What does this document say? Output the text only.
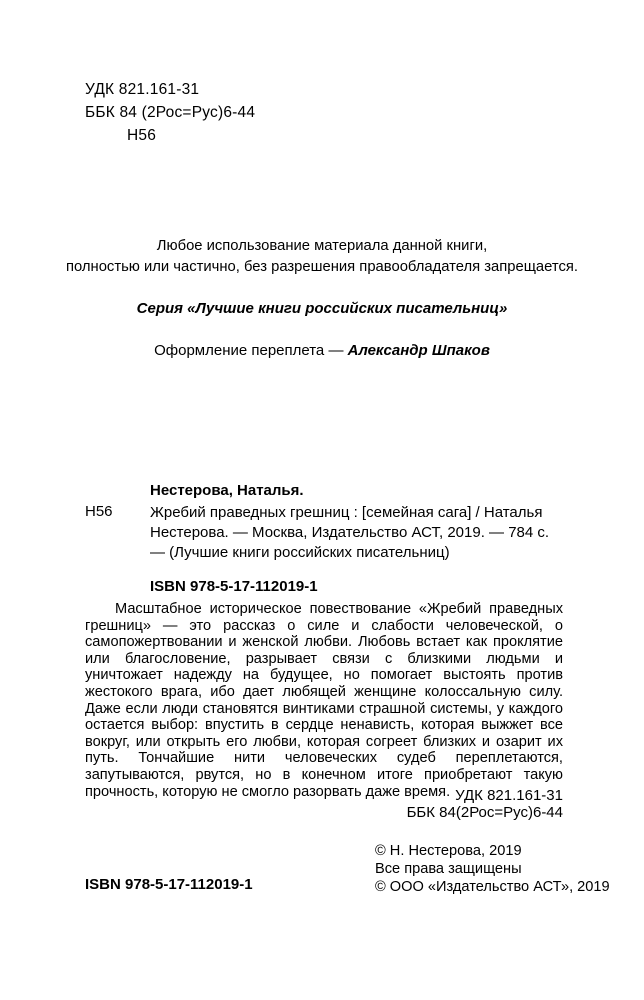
УДК 821.161-31
ББК 84 (2Рос=Рус)6-44
Н56
Любое использование материала данной книги,
полностью или частично, без разрешения правообладателя запрещается.
Серия «Лучшие книги российских писательниц»
Оформление переплета — Александр Шпаков
Нестерова, Наталья.
Н56	Жребий праведных грешниц : [семейная сага] / Наталья Нестерова. — Москва, Издательство АСТ, 2019. — 784 с. — (Лучшие книги российских писательниц)
ISBN 978-5-17-112019-1
Масштабное историческое повествование «Жребий праведных грешниц» — это рассказ о силе и слабости человеческой, о самопожертвовании и женской любви. Любовь встает как проклятие или благословение, разрывает связи с близкими людьми и уничтожает надежду на будущее, но помогает выстоять против жестокого врага, ибо дает любящей женщине колоссальную силу. Даже если люди становятся винтиками страшной системы, у каждого остается выбор: впустить в сердце ненависть, которая выжжет все вокруг, или открыть его любви, которая согреет близких и озарит их путь. Тончайшие нити человеческих судеб переплетаются, запутываются, рвутся, но в конечном итоге приобретают такую прочность, которую не смогло разорвать даже время. УДК 821.161-31
ББК 84(2Рос=Рус)6-44
© Н. Нестерова, 2019
Все права защищены
© ООО «Издательство АСТ», 2019
ISBN 978-5-17-112019-1
